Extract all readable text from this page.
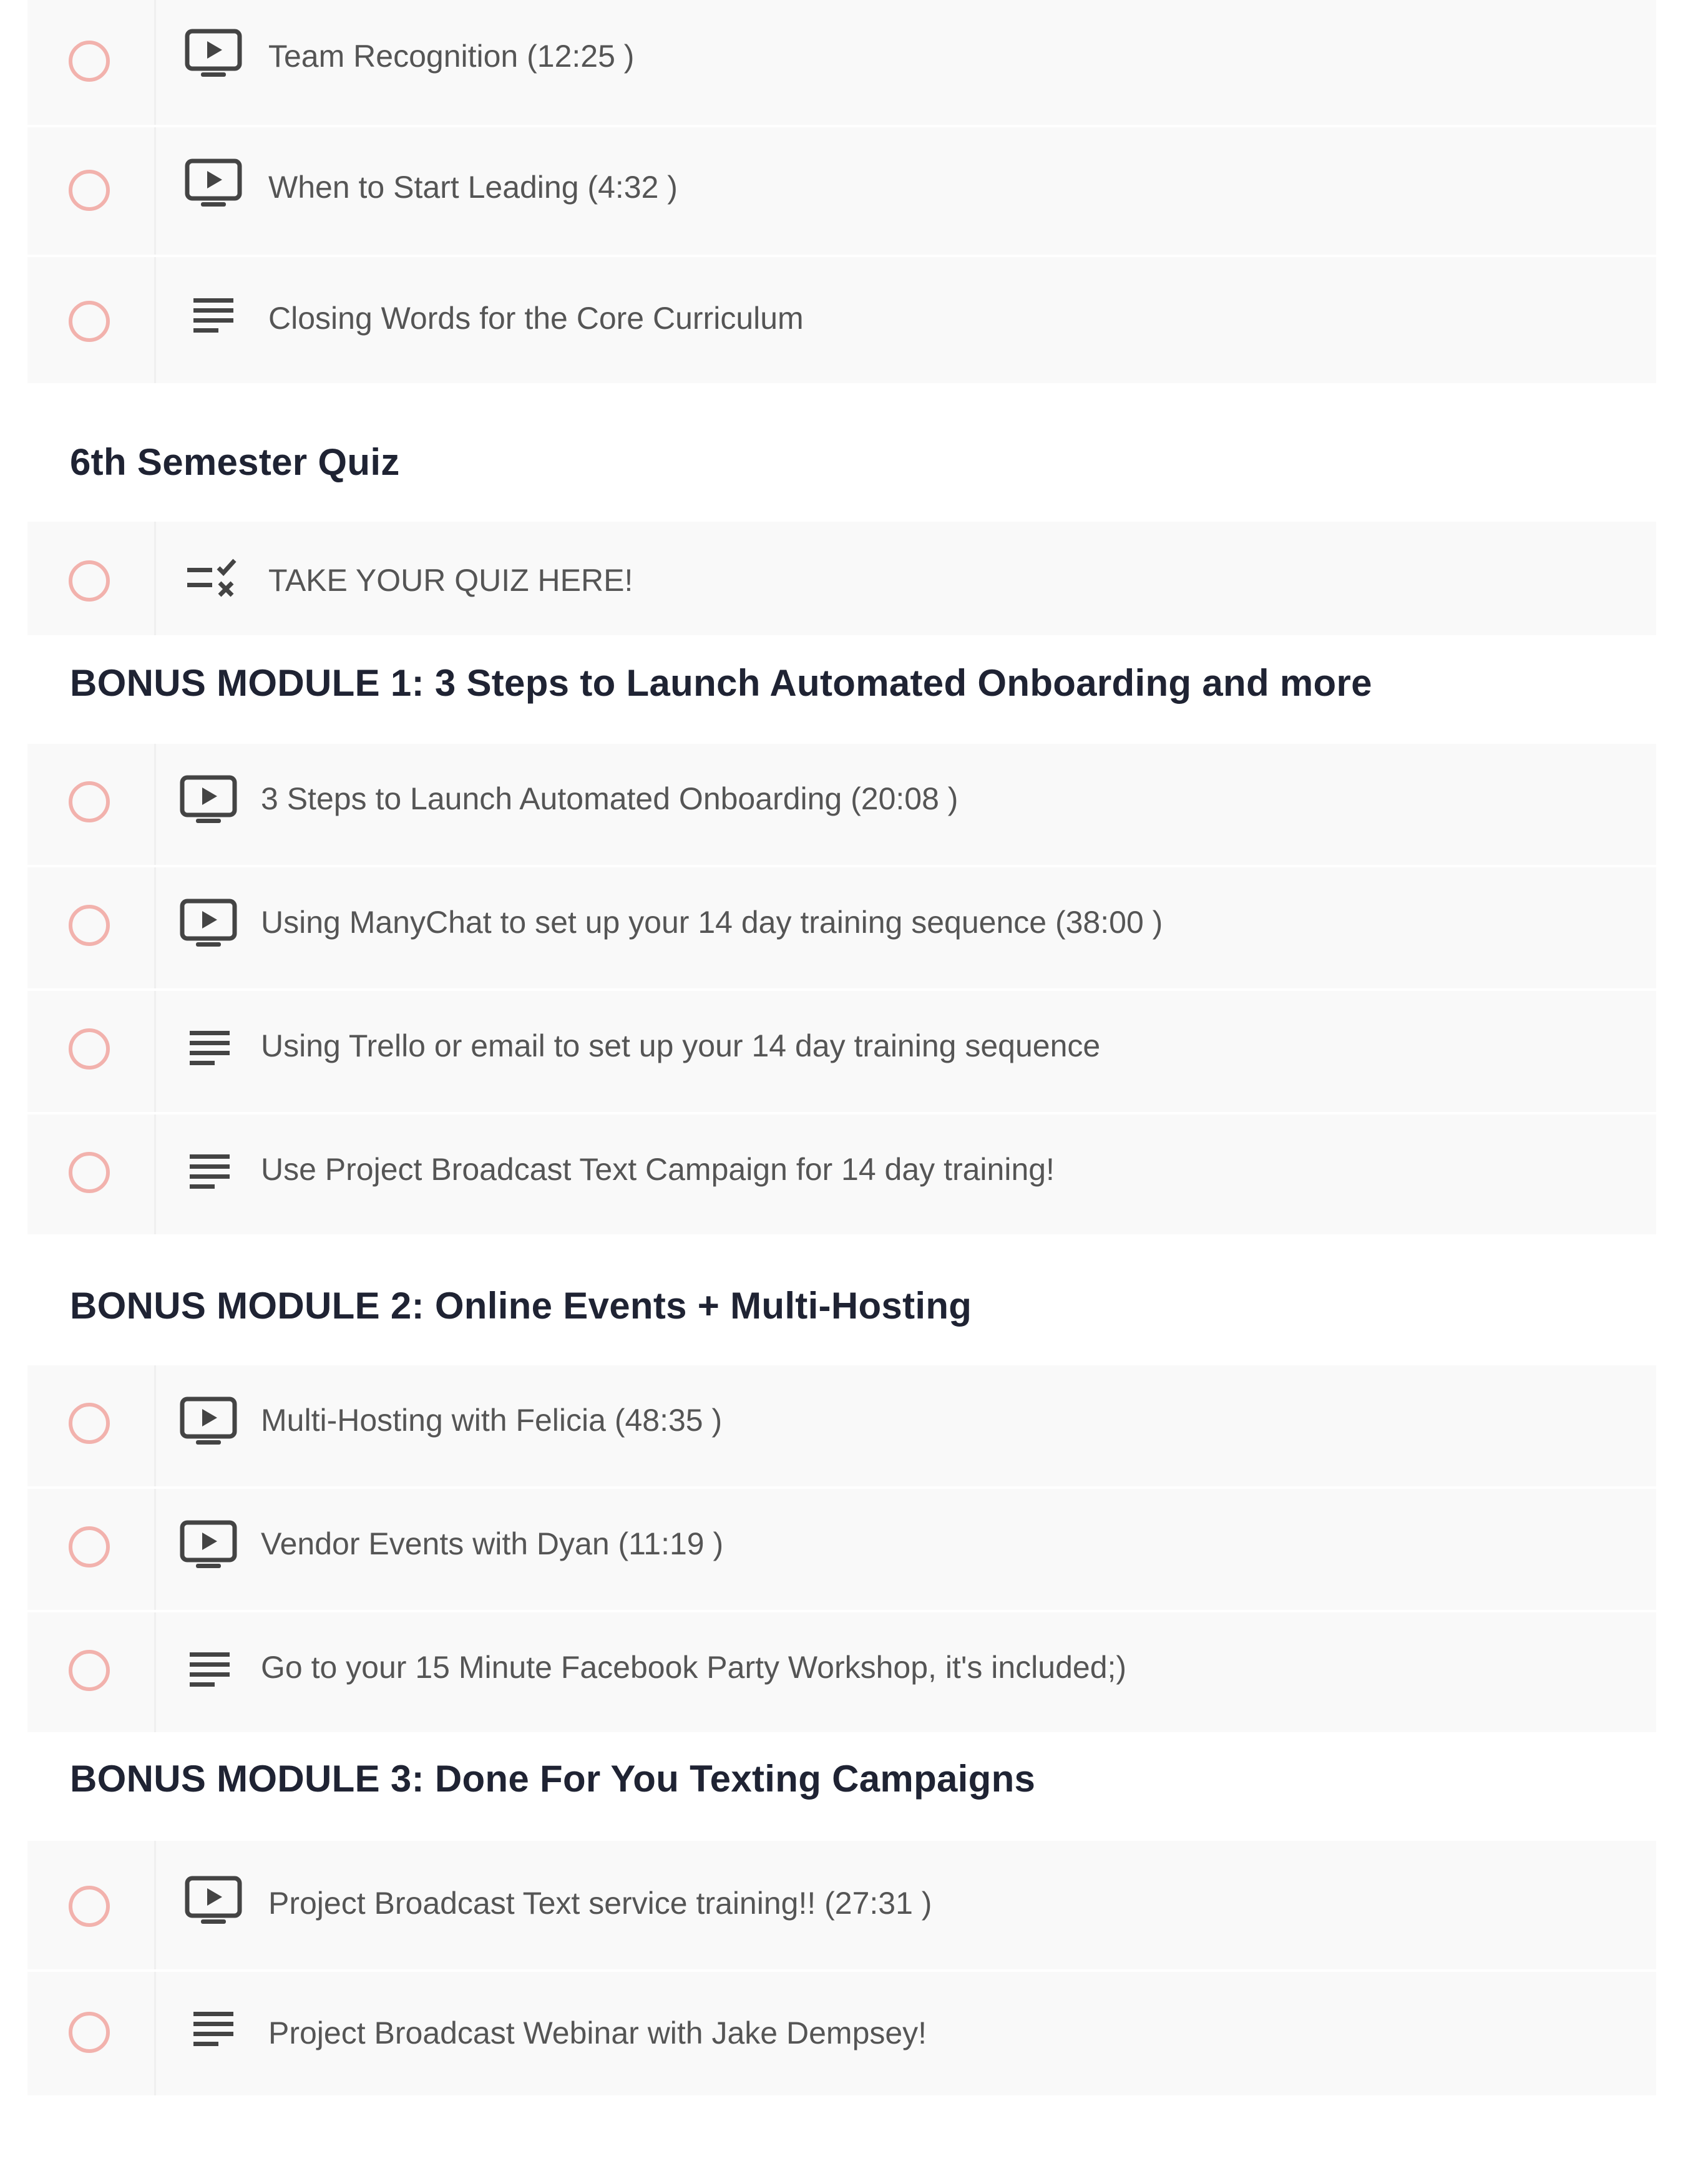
Team Recognition (12:25 )
When to Start Leading (4:32 )
Closing Words for the Core Curriculum
6th Semester Quiz
TAKE YOUR QUIZ HERE!
BONUS MODULE 1: 3 Steps to Launch Automated Onboarding and more
3 Steps to Launch Automated Onboarding (20:08 )
Using ManyChat to set up your 14 day training sequence (38:00 )
Using Trello or email to set up your 14 day training sequence
Use Project Broadcast Text Campaign for 14 day training!
BONUS MODULE 2: Online Events + Multi-Hosting
Multi-Hosting with Felicia (48:35 )
Vendor Events with Dyan (11:19 )
Go to your 15 Minute Facebook Party Workshop, it's included;)
BONUS MODULE 3: Done For You Texting Campaigns
Project Broadcast Text service training!! (27:31 )
Project Broadcast Webinar with Jake Dempsey!
